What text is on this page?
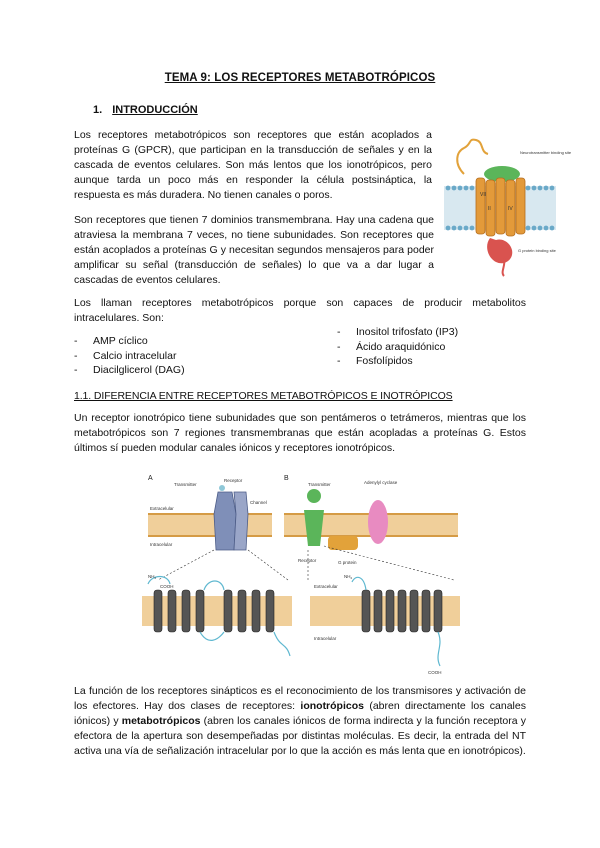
TEMA 9: LOS RECEPTORES METABOTRÓPICOS
1. INTRODUCCIÓN
Los receptores metabotrópicos son receptores que están acoplados a proteínas G (GPCR), que participan en la transducción de señales y en la cascada de eventos celulares. Son más lentos que los ionotrópicos, pero aunque tarda un poco más en responder la célula postsináptica, la respuesta es más duradera. No tienen canales o poros.	VII
II	IV
Neurotransmitter binding site
G protein binding site
Son receptores que tienen 7 dominios transmembrana. Hay una cadena que atraviesa la membrana 7 veces, no tiene subunidades. Son receptores que están acoplados a proteínas G y necesitan segundos mensajeros para poder amplificar su señal (transducción de señales) lo que va a dar lugar a cascadas de eventos celulares.
Los llaman receptores metabotrópicos porque son capaces de producir metabolitos intracelulares. Son:
- AMP cíclico
- Calcio intracelular
- Diacilglicerol (DAG)
- Inositol trifosfato (IP3)
- Ácido araquidónico
- Fosfolípidos
1.1. DIFERENCIA ENTRE RECEPTORES METABOTRÓPICOS E INOTRÓPICOS
Un receptor ionotrópico tiene subunidades que son pentámeros o tetrámeros, mientras que los metabotrópicos son 7 regiones transmembranas que están acopladas a proteínas G. Estos últimos sí pueden modular canales iónicos y receptores ionotrópicos.
A	B
Extracelular
Intracelular
Transmitter
Receptor
Channel
Transmitter	Adenylyl cyclase
Receptor	G protein
$NH_2$
COOH	Extracelular
Intracelular
$NH_2$
COOH
La función de los receptores sinápticos es el reconocimiento de los transmisores y activación de los efectores. Hay dos clases de receptores: ionotrópicos (abren directamente los canales iónicos) y metabotrópicos (abren los canales iónicos de forma indirecta y la función receptora y efectora de la apertura son desempeñadas por distintas moléculas. Es decir, la entrada del NT activa una vía de señalización intracelular por lo que la acción es más lenta que en ionotrópicos).
